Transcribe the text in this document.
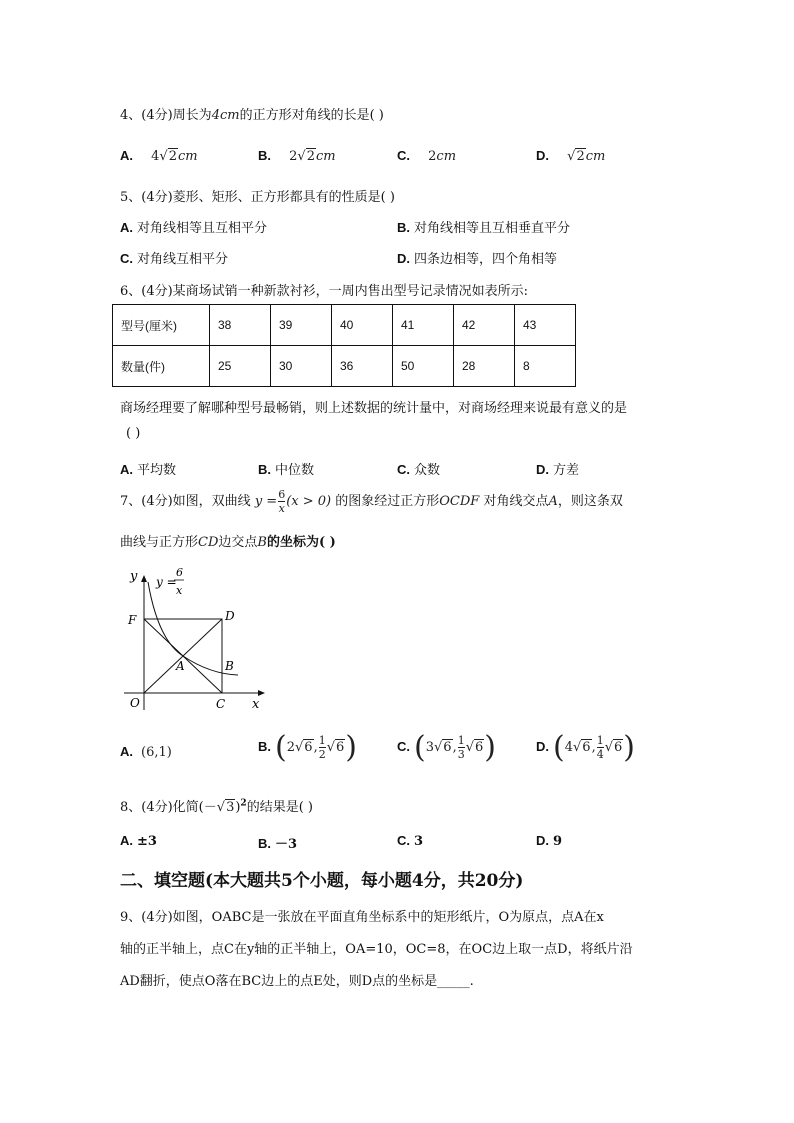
4、(4分)周长为4cm的正方形对角线的长是( )
A. 4√2cm	B. 2√2cm	C. 2cm	D. √2cm
5、(4分)菱形、矩形、正方形都具有的性质是( )
A. 对角线相等且互相平分	B. 对角线相等且互相垂直平分
C. 对角线互相平分	D. 四条边相等，四个角相等
6、(4分)某商场试销一种新款衬衫，一周内售出型号记录情况如表所示:
型号(厘米)	38	39	40	41	42	43
数量(件)	25	30	36	50	28	8
商场经理要了解哪种型号最畅销，则上述数据的统计量中，对商场经理来说最有意义的是
( )
A. 平均数	B. 中位数	C. 众数	D. 方差
7、(4分)如图，双曲线 $y = \frac{6}{x} (x > 0)$ 的图象经过正方形OCDF 对角线交点A，则这条双
曲线与正方形CD边交点B的坐标为( )
y
x
O	C
D
F
A	B
y =
6
x
A. (6,1)	B. (2√6, $\frac{1}{2} √6$)	C. (3√6, $\frac{1}{3} √6$)	D. (4√6, $\frac{1}{4} √6$)
8、(4分)化简$(-√3)^2$的结果是( )
A. ±3	B. －3	C. 3	D. 9
二、填空题(本大题共5个小题，每小题4分，共20分)
9、(4分)如图，OABC是一张放在平面直角坐标系中的矩形纸片，O为原点，点A在x
轴的正半轴上，点C在y轴的正半轴上，OA=10，OC=8，在OC边上取一点D，将纸片沿
AD翻折，使点O落在BC边上的点E处，则D点的坐标是_____.
